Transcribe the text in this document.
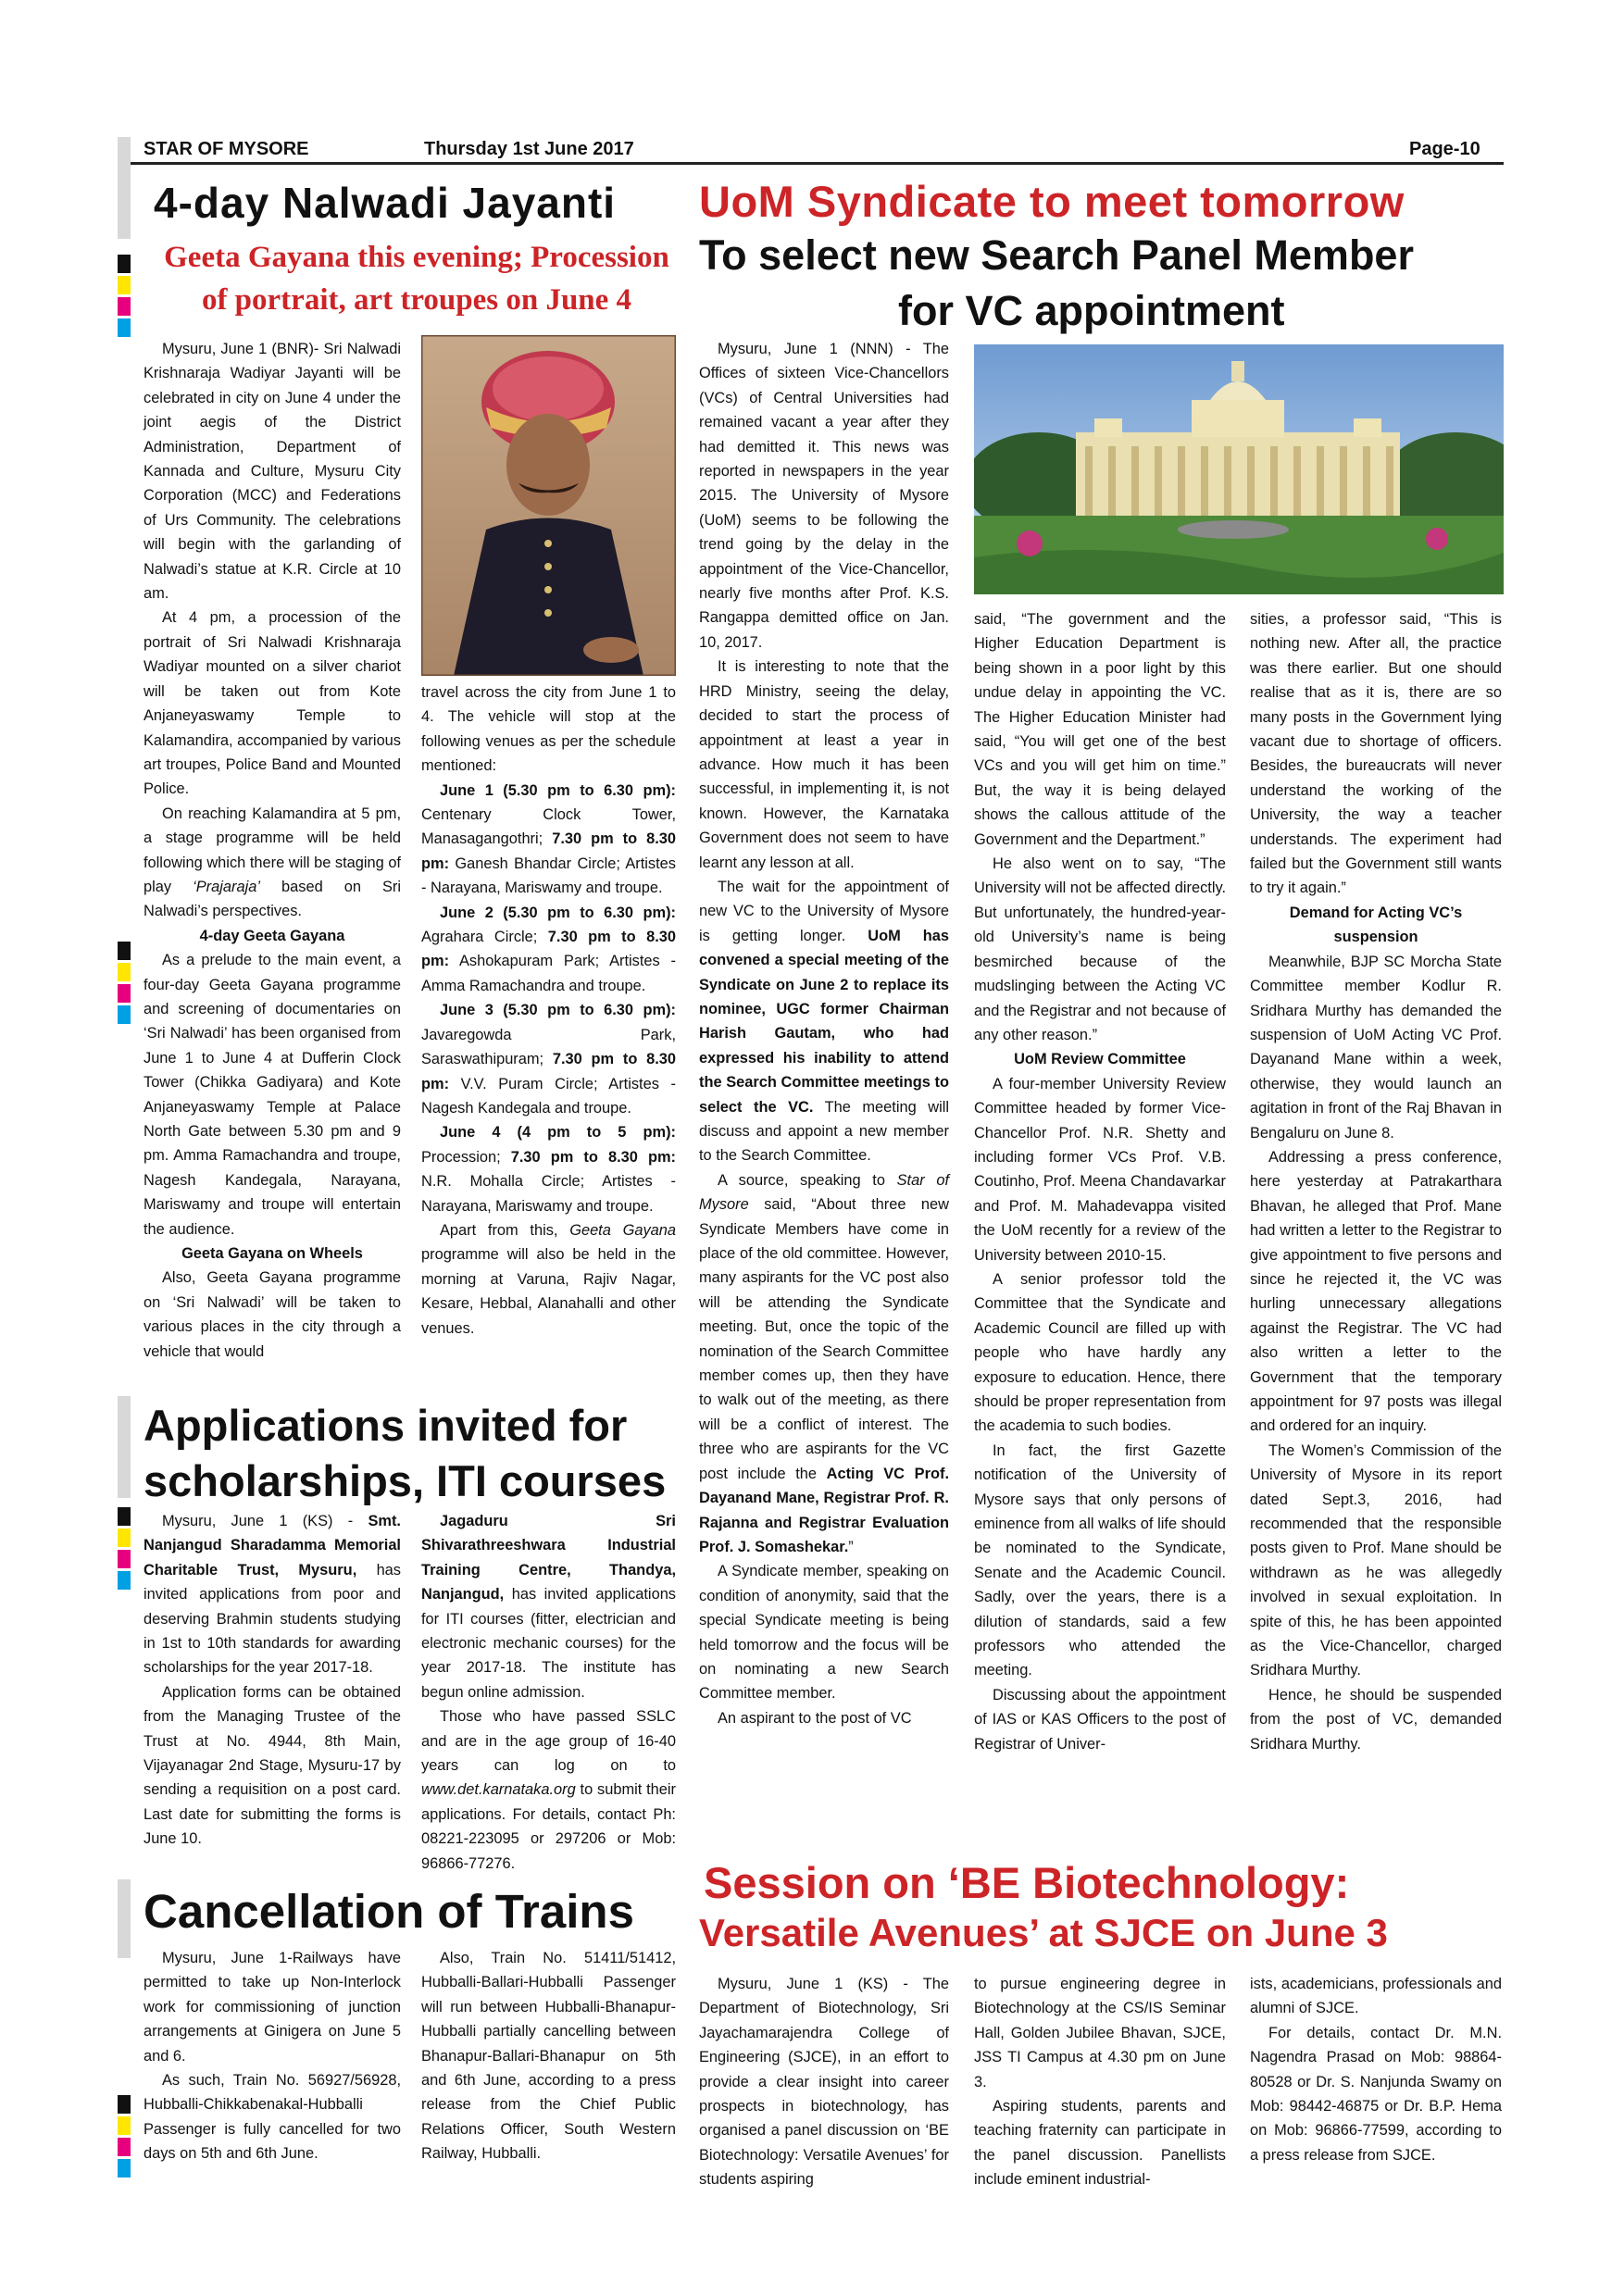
STAR OF MYSORE	Thursday 1st June 2017	Page-10
4-day Nalwadi Jayanti
Geeta Gayana this evening; Procession
of portrait, art troupes on June 4

Mysuru, June 1 (BNR)- Sri Nalwadi Krishnaraja Wadiyar Jayanti will be celebrated in city on June 4 under the joint aegis of the District Administration, Department of Kannada and Culture, Mysuru City Corporation (MCC) and Federations of Urs Community. The celebrations will begin with the garlanding of Nalwadi’s statue at K.R. Circle at 10 am.

At 4 pm, a procession of the portrait of Sri Nalwadi Krishnaraja Wadiyar mounted on a silver chariot will be taken out from Kote Anjaneyaswamy Temple to Kalamandira, accompanied by various art troupes, Police Band and Mounted Police.

On reaching Kalamandira at 5 pm, a stage programme will be held following which there will be staging of play ‘Prajaraja’ based on Sri Nalwadi’s perspectives.

4-day Geeta Gayana

As a prelude to the main event, a four-day Geeta Gayana programme and screening of documentaries on ‘Sri Nalwadi’ has been organised from June 1 to June 4 at Dufferin Clock Tower (Chikka Gadiyara) and Kote Anjaneyaswamy Temple at Palace North Gate between 5.30 pm and 9 pm. Amma Ramachandra and troupe, Nagesh Kandegala, Narayana, Mariswamy and troupe will entertain the audience.

Geeta Gayana on Wheels

Also, Geeta Gayana programme on ‘Sri Nalwadi’ will be taken to various places in the city through a vehicle that would

travel across the city from June 1 to 4. The vehicle will stop at the following venues as per the schedule mentioned:

June 1 (5.30 pm to 6.30 pm): Centenary Clock Tower, Manasagangothri; 7.30 pm to 8.30 pm: Ganesh Bhandar Circle; Artistes - Narayana, Mariswamy and troupe.

June 2 (5.30 pm to 6.30 pm): Agrahara Circle; 7.30 pm to 8.30 pm: Ashokapuram Park; Artistes - Amma Ramachandra and troupe.

June 3 (5.30 pm to 6.30 pm): Javaregowda Park, Saraswathipuram; 7.30 pm to 8.30 pm: V.V. Puram Circle; Artistes - Nagesh Kandegala and troupe.

June 4 (4 pm to 5 pm): Procession; 7.30 pm to 8.30 pm: N.R. Mohalla Circle; Artistes - Narayana, Mariswamy and troupe.

Apart from this, Geeta Gayana programme will also be held in the morning at Varuna, Rajiv Nagar, Kesare, Hebbal, Alanahalli and other venues.

UoM Syndicate to meet tomorrow
To select new Search Panel Member
for VC appointment

Mysuru, June 1 (NNN) - The Offices of sixteen Vice-Chancellors (VCs) of Central Universities had remained vacant a year after they had demitted it. This news was reported in newspapers in the year 2015. The University of Mysore (UoM) seems to be following the trend going by the delay in the appointment of the Vice-Chancellor, nearly five months after Prof. K.S. Rangappa demitted office on Jan. 10, 2017.

It is interesting to note that the HRD Ministry, seeing the delay, decided to start the process of appointment at least a year in advance. How much it has been successful, in implementing it, is not known. However, the Karnataka Government does not seem to have learnt any lesson at all.

The wait for the appointment of new VC to the University of Mysore is getting longer. UoM has convened a special meeting of the Syndicate on June 2 to replace its nominee, UGC former Chairman Harish Gautam, who had expressed his inability to attend the Search Committee meetings to select the VC. The meeting will discuss and appoint a new member to the Search Committee.

A source, speaking to Star of Mysore said, “About three new Syndicate Members have come in place of the old committee. However, many aspirants for the VC post also will be attending the Syndicate meeting. But, once the topic of the nomination of the Search Committee member comes up, then they have to walk out of the meeting, as there will be a conflict of interest. The three who are aspirants for the VC post include the Acting VC Prof. Dayanand Mane, Registrar Prof. R. Rajanna and Registrar Evaluation Prof. J. Somashekar.”

A Syndicate member, speaking on condition of anonymity, said that the special Syndicate meeting is being held tomorrow and the focus will be on nominating a new Search Committee member.

An aspirant to the post of VC

said, “The government and the Higher Education Department is being shown in a poor light by this undue delay in appointing the VC. The Higher Education Minister had said, “You will get one of the best VCs and you will get him on time.” But, the way it is being delayed shows the callous attitude of the Government and the Department.”

He also went on to say, “The University will not be affected directly. But unfortunately, the hundred-year-old University’s name is being besmirched because of the mudslinging between the Acting VC and the Registrar and not because of any other reason.”

UoM Review Committee

A four-member University Review Committee headed by former Vice-Chancellor Prof. N.R. Shetty and including former VCs Prof. V.B. Coutinho, Prof. Meena Chandavarkar and Prof. M. Mahadevappa visited the UoM recently for a review of the University between 2010-15.

A senior professor told the Committee that the Syndicate and Academic Council are filled up with people who have hardly any exposure to education. Hence, there should be proper representation from the academia to such bodies.

In fact, the first Gazette notification of the University of Mysore says that only persons of eminence from all walks of life should be nominated to the Syndicate, Senate and the Academic Council. Sadly, over the years, there is a dilution of standards, said a few professors who attended the meeting.

Discussing about the appointment of IAS or KAS Officers to the post of Registrar of Univer-

sities, a professor said, “This is nothing new. After all, the practice was there earlier. But one should realise that as it is, there are so many posts in the Government lying vacant due to shortage of officers. Besides, the bureaucrats will never understand the working of the University, the way a teacher understands. The experiment had failed but the Government still wants to try it again.”

Demand for Acting VC’s suspension

Meanwhile, BJP SC Morcha State Committee member Kodlur R. Sridhara Murthy has demanded the suspension of UoM Acting VC Prof. Dayanand Mane within a week, otherwise, they would launch an agitation in front of the Raj Bhavan in Bengaluru on June 8.

Addressing a press conference, here yesterday at Patrakarthara Bhavan, he alleged that Prof. Mane had written a letter to the Registrar to give appointment to five persons and since he rejected it, the VC was hurling unnecessary allegations against the Registrar. The VC had also written a letter to the Government that the temporary appointment for 97 posts was illegal and ordered for an inquiry.

The Women’s Commission of the University of Mysore in its report dated Sept.3, 2016, had recommended that the responsible posts given to Prof. Mane should be withdrawn as he was allegedly involved in sexual exploitation. In spite of this, he has been appointed as the Vice-Chancellor, charged Sridhara Murthy.

Hence, he should be suspended from the post of VC, demanded Sridhara Murthy.

Applications invited for
scholarships, ITI courses

Mysuru, June 1 (KS) - Smt. Nanjangud Sharadamma Memorial Charitable Trust, Mysuru, has invited applications from poor and deserving Brahmin students studying in 1st to 10th standards for awarding scholarships for the year 2017-18.

Application forms can be obtained from the Managing Trustee of the Trust at No. 4944, 8th Main, Vijayanagar 2nd Stage, Mysuru-17 by sending a requisition on a post card. Last date for submitting the forms is June 10.

Jagaduru Sri Shivarathreeshwara Industrial Training Centre, Thandya, Nanjangud, has invited applications for ITI courses (fitter, electrician and electronic mechanic courses) for the year 2017-18. The institute has begun online admission.

Those who have passed SSLC and are in the age group of 16-40 years can log on to www.det.karnataka.org to submit their applications. For details, contact Ph: 08221-223095 or 297206 or Mob: 96866-77276.

Cancellation of Trains

Mysuru, June 1-Railways have permitted to take up Non-Interlock work for commissioning of junction arrangements at Ginigera on June 5 and 6.

As such, Train No. 56927/56928, Hubballi-Chikkabenakal-Hubballi Passenger is fully cancelled for two days on 5th and 6th June.

Also, Train No. 51411/51412, Hubballi-Ballari-Hubballi Passenger will run between Hubballi-Bhanapur-Hubballi partially cancelling between Bhanapur-Ballari-Bhanapur on 5th and 6th June, according to a press release from the Chief Public Relations Officer, South Western Railway, Hubballi.

Session on ‘BE Biotechnology:
Versatile Avenues’ at SJCE on June 3

Mysuru, June 1 (KS) - The Department of Biotechnology, Sri Jayachamarajendra College of Engineering (SJCE), in an effort to provide a clear insight into career prospects in biotechnology, has organised a panel discussion on ‘BE Biotechnology: Versatile Avenues’ for students aspiring

to pursue engineering degree in Biotechnology at the CS/IS Seminar Hall, Golden Jubilee Bhavan, SJCE, JSS TI Campus at 4.30 pm on June 3.

Aspiring students, parents and teaching fraternity can participate in the panel discussion. Panellists include eminent industrial-

ists, academicians, professionals and alumni of SJCE.

For details, contact Dr. M.N. Nagendra Prasad on Mob: 98864-80528 or Dr. S. Nanjunda Swamy on Mob: 98442-46875 or Dr. B.P. Hema on Mob: 96866-77599, according to a press release from SJCE.
